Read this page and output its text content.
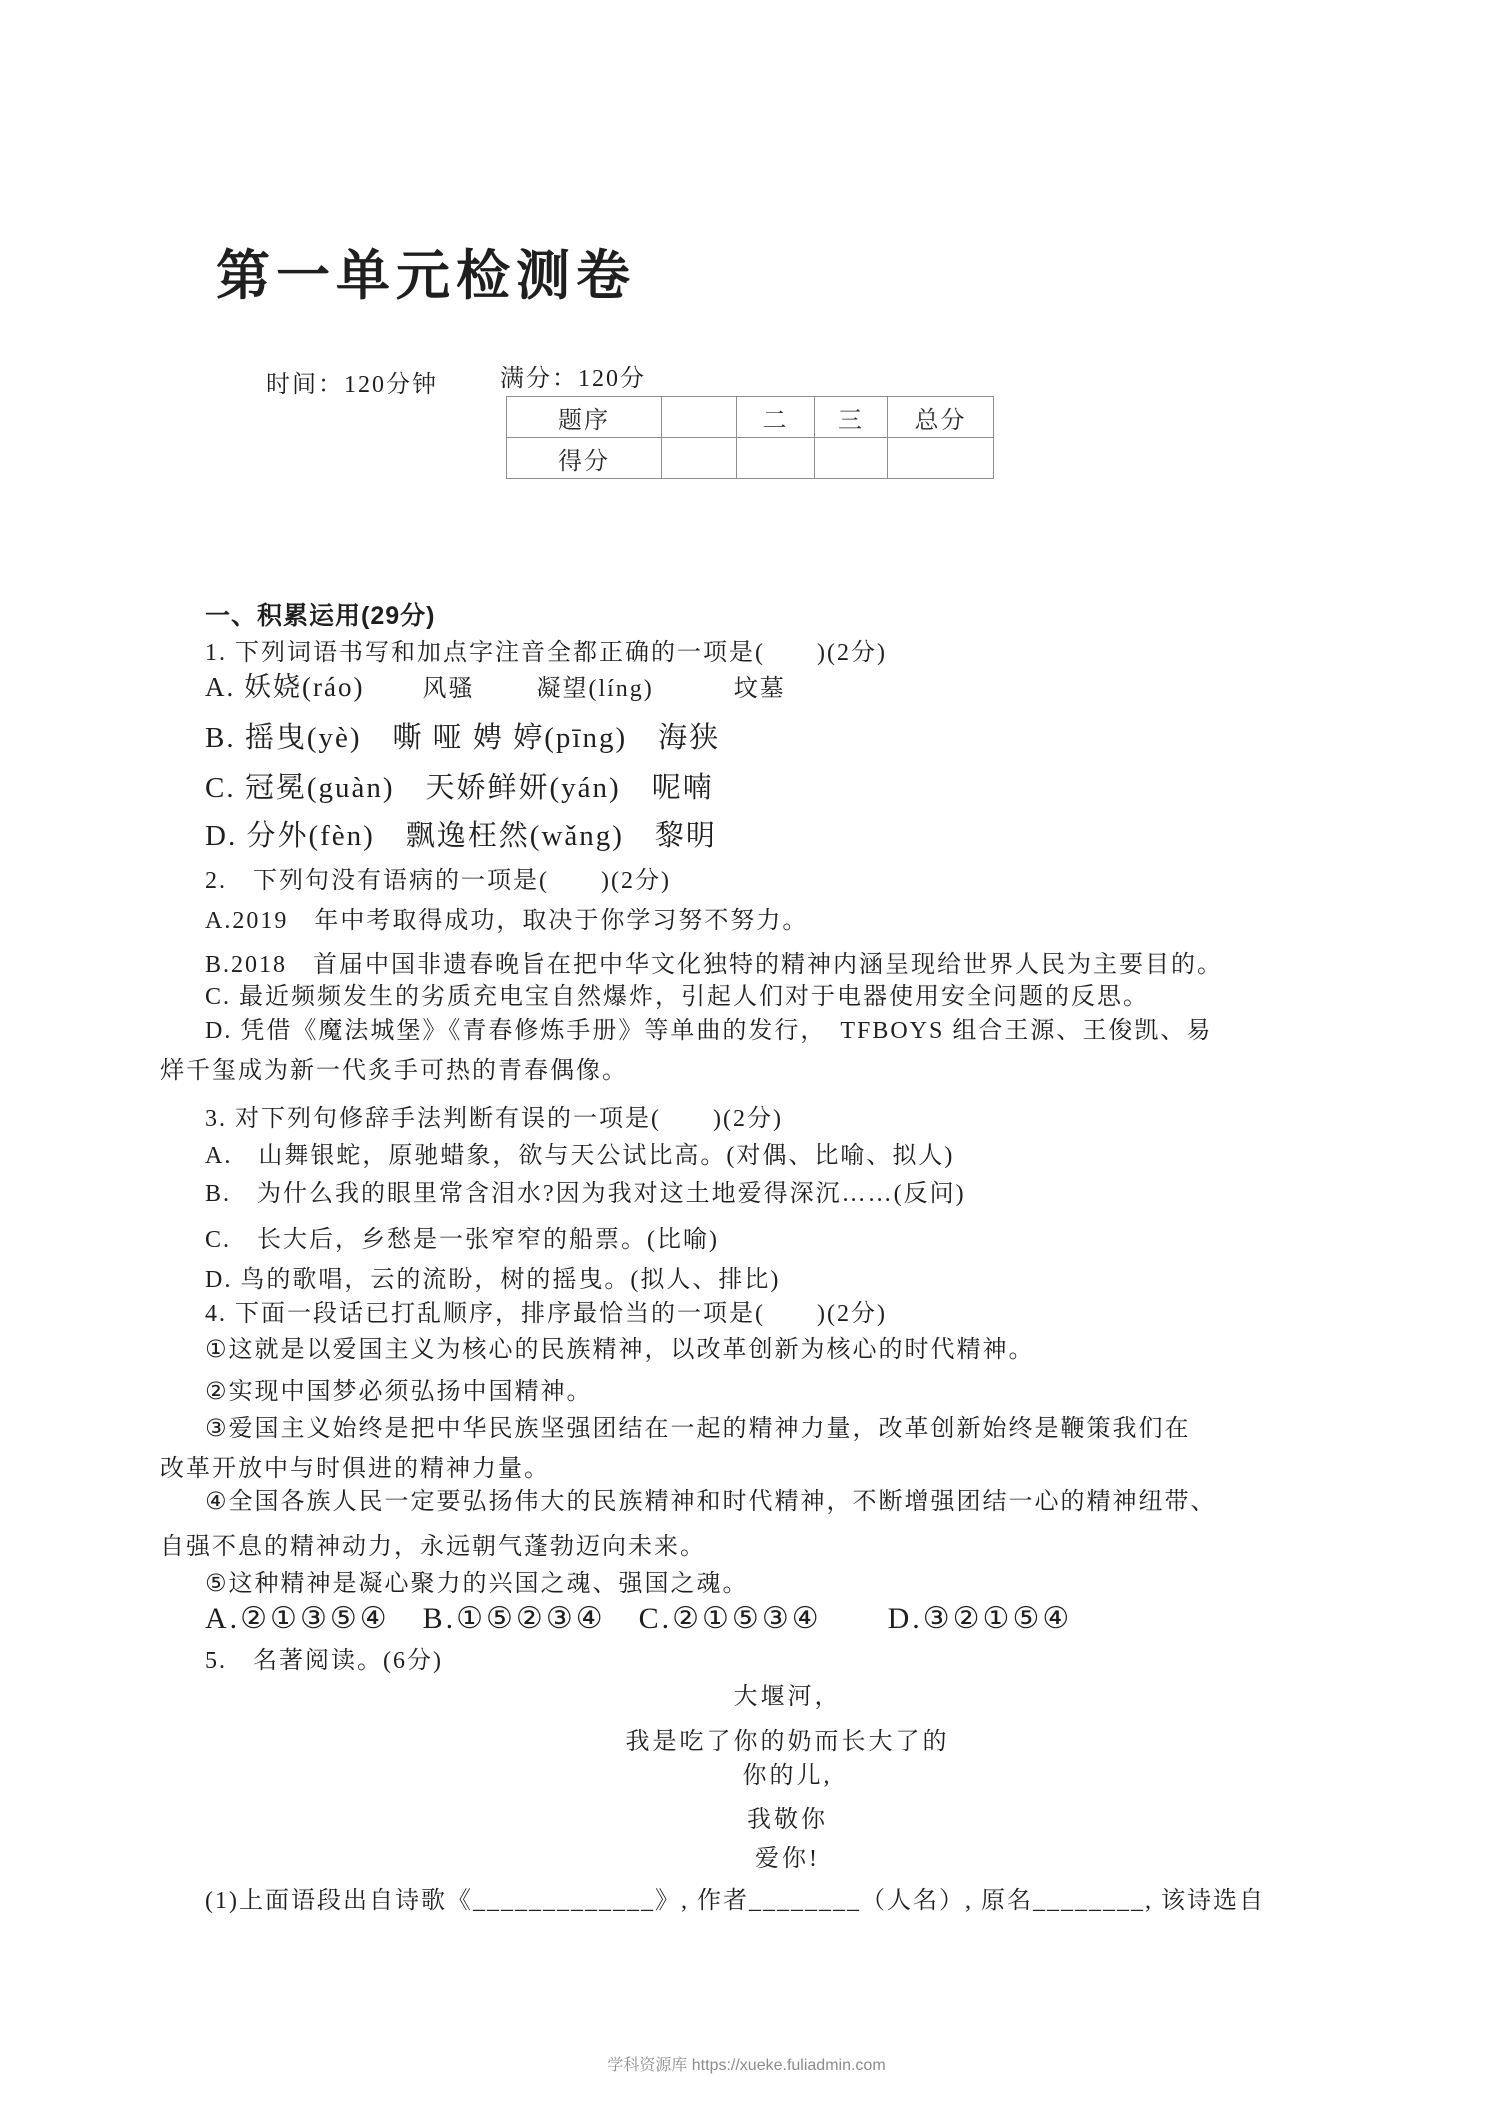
第一单元检测卷
时间：120分钟	满分：120分
题序		二	三	总分
得分				
一、积累运用(29分)
1. 下列词语书写和加点字注音全都正确的一项是(　　)(2分)
A. 妖娆(ráo) 风骚	凝望(líng)	坟墓
B. 摇曳(yè)　嘶 哑 娉 婷(pīng)　海狭
C. 冠冕(guàn)　天娇鲜妍(yán)　呢喃
D. 分外(fèn)　飘逸枉然(wǎng)　黎明
2.　下列句没有语病的一项是(　　)(2分)
A.2019　年中考取得成功，取决于你学习努不努力。
B.2018　首届中国非遗春晚旨在把中华文化独特的精神内涵呈现给世界人民为主要目的。
C. 最近频频发生的劣质充电宝自然爆炸，引起人们对于电器使用安全问题的反思。
D. 凭借《魔法城堡》《青春修炼手册》等单曲的发行，　TFBOYS 组合王源、王俊凯、易
烊千玺成为新一代炙手可热的青春偶像。
3. 对下列句修辞手法判断有误的一项是(　　)(2分)
A.　山舞银蛇，原驰蜡象，欲与天公试比高。(对偶、比喻、拟人)
B.　为什么我的眼里常含泪水?因为我对这土地爱得深沉……(反问)
C.　长大后，乡愁是一张窄窄的船票。(比喻)
D. 鸟的歌唱，云的流盼，树的摇曳。(拟人、排比)
4. 下面一段话已打乱顺序，排序最恰当的一项是(　　)(2分)
①这就是以爱国主义为核心的民族精神，以改革创新为核心的时代精神。
②实现中国梦必须弘扬中国精神。
③爱国主义始终是把中华民族坚强团结在一起的精神力量，改革创新始终是鞭策我们在
改革开放中与时俱进的精神力量。
④全国各族人民一定要弘扬伟大的民族精神和时代精神，不断增强团结一心的精神纽带、
自强不息的精神动力，永远朝气蓬勃迈向未来。
⑤这种精神是凝心聚力的兴国之魂、强国之魂。
A.②①③⑤④　B.①⑤②③④　C.②①⑤③④　　D.③②①⑤④
5.　名著阅读。(6分)
大堰河，
我是吃了你的奶而长大了的
你的儿,
我敬你
爱你!
(1)上面语段出自诗歌《_____________》, 作者________（人名）, 原名________, 该诗选自
学科资源库 https://xueke.fuliadmin.com
